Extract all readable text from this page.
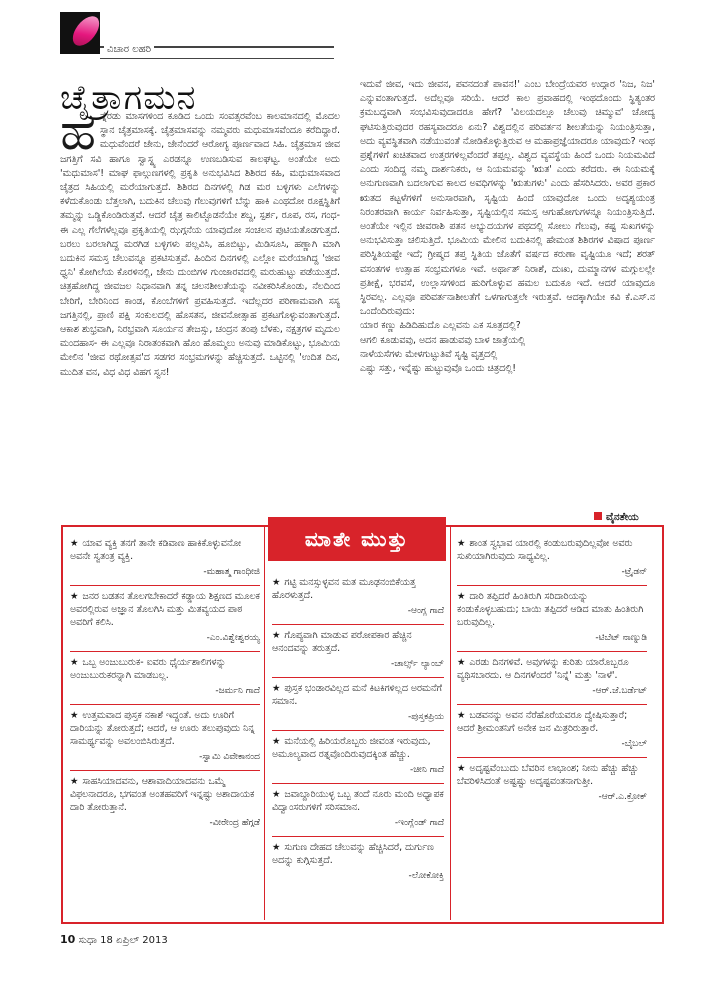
ವಿಚಾರ ಲಹರಿ
ಚೈತ್ರಾಗಮನ
ಹ ನ್ನೆರಡು ಮಾಸಗಳಿಂದ ಕೂಡಿದ ಒಂದು ಸಂವತ್ಸರವೆಂಬ ಕಾಲಮಾನದಲ್ಲಿ ಮೊದಲ ಸ್ಥಾನ ಚೈತ್ರಮಾಸಕ್ಕೆ. ಚೈತ್ರಮಾಸವನ್ನು ನಮ್ಮವರು ಮಧುಮಾಸವೆಂದೂ ಕರೆದಿದ್ದಾರೆ. ಮಧುವೆಂದರೆ ಜೇನು, ಜೇನೆಂದರೆ ಆರೋಗ್ಯ ಪೂರ್ಣವಾದ ಸಿಹಿ. ಚೈತ್ರಮಾಸ ಜೀವ ಜಗತ್ತಿಗೆ ಸವಿ ಹಾಗೂ ಸ್ವಾಸ್ಥ್ಯ ಎರಡನ್ನೂ ಉಣಬಡಿಸುವ ಕಾಲಘಟ್ಟ. ಅಂತೆಯೇ ಅದು 'ಮಧುಮಾಸ'! ಮಾಘ ಫಾಲ್ಗುಣಗಳಲ್ಲಿ ಪ್ರಕೃತಿ ಅನುಭವಿಸಿದ ಶಿಶಿರದ ಕಹಿ, ಮಧುಮಾಸವಾದ ಚೈತ್ರದ ಸಿಹಿಯಲ್ಲಿ ಮರೆಯಾಗುತ್ತದೆ. ಶಿಶಿರದ ದಿನಗಳಲ್ಲಿ ಗಿಡ ಮರ ಬಳ್ಳಿಗಳು ಎಲೆಗಳನ್ನು ಕಳೆದುಕೊಂಡು ಬೆತ್ತಲಾಗಿ, ಬದುಕಿನ ಚೆಲುವು ಗೆಲುವುಗಳಿಗೆ ಬೆನ್ನು ಹಾಕಿ ಎಂಥದೋ ರೂಕ್ಷಸ್ಥಿತಿಗೆ ತಮ್ಮನ್ನು ಒಡ್ಡಿಕೊಂಡಿರುತ್ತವೆ. ಆದರೆ ಚೈತ್ರ ಕಾಲಿಟ್ಟೊಡನೆಯೇ ಶಬ್ದ, ಸ್ಪರ್ಶ, ರೂಪ, ರಸ, ಗಂಧ- ಈ ಎಲ್ಲ ಗೆಲೆಗಳೆಲ್ಲವೂ ಪ್ರಕೃತಿಯಲ್ಲಿ ಝಗ್ಗನೆಯ ಯಾವುದೋ ಸಂಚಲನ ಪುಟಿಯತೊಡಗುತ್ತದೆ. ಬರಲು ಬರಲಾಗಿದ್ದ ಮರಗಿಡ ಬಳ್ಳಿಗಳು ಪಲ್ಲವಿಸಿ, ಹೂಬಿಟ್ಟು, ಮಿಡಿಸೂಸಿ, ಹಣ್ಣಾಗಿ ಮಾಗಿ ಬದುಕಿನ ಸಮಸ್ತ ಚೆಲುವನ್ನೂ ಪ್ರಕಟಿಸುತ್ತವೆ. ಹಿಂದಿನ ದಿನಗಳಲ್ಲಿ ಎಲ್ಲೋ ಮರೆಯಾಗಿದ್ದ 'ಜೀವ ಧ್ವನಿ' ಕೋಗಿಲೆಯ ಕೊರಳಿನಲ್ಲಿ, ಜೇನು ದುಂಬಿಗಳ ಗುಂಜಾರವದಲ್ಲಿ ಮರುಹುಟ್ಟು ಪಡೆಯುತ್ತದೆ. ಚಿತ್ರಹೋಗಿದ್ದ ಜೀವಜಲ ನಿಧಾನವಾಗಿ ತನ್ನ ಚಲನಶೀಲತೆಯನ್ನು ನವೀಕರಿಸಿಕೊಂಡು, ನೆಲದಿಂದ ಬೇರಿಗೆ, ಬೇರಿನಿಂದ ಕಾಂಡ, ಕೊಂಬೆಗಳಿಗೆ ಪ್ರವಹಿಸುತ್ತದೆ. ಇದೆಲ್ಲದರ ಪರಿಣಾಮವಾಗಿ ಸಸ್ಯ ಜಗತ್ತಿನಲ್ಲಿ, ಪ್ರಾಣಿ ಪಕ್ಷಿ ಸಂಕುಲದಲ್ಲಿ ಹೊಸತನ, ಜೀವನೋತ್ಸಾಹ ಪ್ರಕಟಗೊಳ್ಳುವಂತಾಗುತ್ತದೆ. ಆಕಾಶ ಶುಭ್ರವಾಗಿ, ನಿರಭ್ರವಾಗಿ ಸೂರ್ಯನ ತೇಜಸ್ಸು, ಚಂದ್ರನ ತಂಪು ಬೆಳಕು, ನಕ್ಷತ್ರಗಳ ಮೃದುಲ ಮಂದಹಾಸ- ಈ ಎಲ್ಲವೂ ನಿರಾತಂಕವಾಗಿ ಹೊಂ ಹೊಮ್ಮಲು ಅನುವು ಮಾಡಿಕೊಟ್ಟು, ಭೂಮಿಯ ಮೇಲಿನ 'ಜೀವ ರಥೋತ್ಸವ'ದ ಸಡಗರ ಸಂಭ್ರಮಗಳನ್ನು ಹೆಚ್ಚಿಸುತ್ತದೆ. ಒಟ್ಟಿನಲ್ಲಿ 'ಉದಿತ ದಿನ, ಮುದಿತ ವನ, ವಿಧ ವಿಧ ವಿಹಗ ಸ್ವನ!

ಇದುವೆ ಜೀವ, ಇದು ಜೀವನ, ಪವನದಂತೆ ಪಾವನ!' ಎಂಬ ಬೇಂದ್ರೆಯವರ ಉದ್ಗಾರ 'ನಿಜ, ನಿಜ' ಎನ್ನುವಂತಾಗುತ್ತದೆ. ಅದೆಲ್ಲವೂ ಸರಿಯೆ. ಆದರೆ ಕಾಲ ಪ್ರವಾಹದಲ್ಲಿ ಇಂಥದೊಂದು ಸ್ಥಿತ್ಯಂತರ ಕ್ರಮಬದ್ಧವಾಗಿ ಸಂಭವಿಸುವುದಾದರೂ ಹೇಗೆ? 'ವಿಲಯದಲ್ಲೂ ಚೆಲುವು ಚಿಮ್ಮುವ' ಚೋದ್ಯ ಘಟಿಸುತ್ತಿರುವುದರ ರಹಸ್ಯವಾದರೂ ಏನು? ವಿಶ್ವದಲ್ಲಿನ ಪರಿವರ್ತನ ಶೀಲತೆಯನ್ನು ನಿಯಂತ್ರಿಸುತ್ತಾ, ಅದು ವ್ಯವಸ್ಥಿತವಾಗಿ ನಡೆಯುವಂತೆ ನೋಡಿಕೊಳ್ಳುತ್ತಿರುವ ಆ ಮಹಾಪ್ರಜ್ಞೆಯಾದರೂ ಯಾವುದು? ಇಂಥ ಪ್ರಶ್ನೆಗಳಿಗೆ ಖಚಿತವಾದ ಉತ್ತರಗಳಿಲ್ಲವೆಂದರೆ ತಪ್ಪಲ್ಲ. ವಿಶ್ವದ ವ್ಯವಸ್ಥೆಯ ಹಿಂದೆ ಒಂದು ನಿಯಮವಿದೆ ಎಂದು ಸಂದಿದ್ದ ನಮ್ಮ ದಾರ್ಶನಿಕರು, ಆ ನಿಯಮವನ್ನು 'ಋತ' ಎಂದು ಕರೆದರು. ಈ ನಿಯಮಕ್ಕೆ ಅನುಗುಣವಾಗಿ ಬದಲಾಗುವ ಕಾಲದ ಅವಧಿಗಳನ್ನು 'ಋತುಗಳು' ಎಂದು ಹೆಸರಿಸಿದರು. ಅವರ ಪ್ರಕಾರ ಋತದ ಕಟ್ಟಳೆಗಳಿಗೆ ಅನುಸಾರವಾಗಿ, ಸೃಷ್ಟಿಯ ಹಿಂದೆ ಯಾವುದೋ ಒಂದು ಅದೃಶ್ಯಯಂತ್ರ ನಿರಂತರವಾಗಿ ಕಾರ್ಯ ನಿರ್ವಹಿಸುತ್ತಾ, ಸೃಷ್ಟಿಯಲ್ಲಿನ ಸಮಸ್ತ ಆಗುಹೋಗುಗಳನ್ನೂ ನಿಯಂತ್ರಿಸುತ್ತಿದೆ. ಅಂತೆಯೇ ಇಲ್ಲಿನ ಜೀವರಾಶಿ ಪತನ ಅಭ್ಯುದಯಗಳ ಪಥದಲ್ಲಿ ಸೋಲು ಗೆಲುವು, ಕಷ್ಟ ಸುಖಗಳನ್ನು ಅನುಭವಿಸುತ್ತಾ ಚಲಿಸುತ್ತಿದೆ. ಭೂಮಿಯ ಮೇಲಿನ ಬದುಕಿನಲ್ಲಿ ಹೇಮಂತ ಶಿಶಿರಗಳ ವಿಷಾದ ಪೂರ್ಣ ಪರಿಸ್ಥಿತಿಯಷ್ಟೇ ಇದೆ; ಗ್ರೀಷ್ಮದ ತಪ್ತ ಸ್ಥಿತಿಯ ಜೊತೆಗೆ ವರ್ಷದ ಕರುಣಾ ವೃಷ್ಟಿಯೂ ಇದೆ; ಶರತ್ ವಸಂತಗಳ ಉತ್ಸಾಹ ಸಂಭ್ರಮಗಳೂ ಇವೆ. ಅರ್ಥಾತ್ ನಿರಾಶೆ, ದುಃಖ, ದುಮ್ಮಾನಗಳ ಮಗ್ಗುಲಲ್ಲೇ ಪ್ರತೀಕ್ಷೆ, ಭರವಸೆ, ಉಲ್ಲಾಸಗಳಿಂದ ಹುರಿಗೊಳ್ಳುವ ಹಮಲ ಬದುಕೂ ಇದೆ. ಆದರೆ ಯಾವುದೂ ಸ್ಥಿರವಲ್ಲ. ಎಲ್ಲವೂ ಪರಿವರ್ತನಾಶೀಲತೆಗೆ ಒಳಗಾಗುತ್ತಲೇ ಇರುತ್ತವೆ. ಆದಕ್ಕಾಗಿಯೇ ಕವಿ ಕೆ.ಎಸ್.ನ ಒಂದೆಂದಿರುವುದು:

ಯಾರ ಕಣ್ಣು ಹಿಡಿದಿಹುದೊ ಎಲ್ಲವನು ಎಕ ಸೂತ್ರದಲ್ಲಿ?

ಆಗಲಿ ಕೂಡುವವು, ಅದನ ಹಾಡುವವು ಬಾಳ ಜಾತ್ರೆಯಲ್ಲಿ

ನಾಳೆಯಸೆಗಳು ಮೇಳಗುಟ್ಟುತಿವೆ ಸೃಷ್ಟಿ ವೃತ್ತದಲ್ಲಿ

ಎಷ್ಟು ಸತ್ತು, ಇನ್ನೆಷ್ಟು ಹುಟ್ಟುವುವೊ ಒಂದು ಚಿತ್ರದಲ್ಲಿ!

ವೈನತೇಯ
ಮಾತೇ ಮುತ್ತು
★ ಯಾವ ವ್ಯಕ್ತಿ ತನಗೆ ತಾನೇ ಕಡಿವಾಣ ಹಾಕಿಕೊಳ್ಳುವನೋ ಅವನೇ ಸ್ವತಂತ್ರ ವ್ಯಕ್ತಿ.
-ಮಹಾತ್ಮ ಗಾಂಧೀಜಿ
★ ಜನರ ಬಡತನ ತೊಲಗಬೇಕಾದರೆ ಕಡ್ಡಾಯ ಶಿಕ್ಷಣದ ಮೂಲಕ ಅವರಲ್ಲಿರುವ ಅಜ್ಞಾನ ತೊಲಗಿಸಿ ಮತ್ತು ಮಿತವ್ಯಯದ ಪಾಠ ಅವರಿಗೆ ಕಲಿಸಿ.
-ಎಂ.ವಿಶ್ವೇಶ್ವರಯ್ಯ
★ ಒಬ್ಬ ಅಂಜುಬುರುಕ- ಐವರು ಧೈರ್ಯಶಾಲಿಗಳನ್ನು ಅಂಜುಬುರುಕರನ್ನಾಗಿ ಮಾಡಬಲ್ಲ.
-ಜರ್ಮನಿ ಗಾದೆ
★ ಉತ್ತಮವಾದ ಪುಸ್ತಕ ನಕಾಶೆ ಇದ್ದಂತೆ. ಅದು ಊರಿಗೆ ದಾರಿಯನ್ನು ತೋರುತ್ತದೆ; ಆದರೆ, ಆ ಊರು ತಲುಪುವುದು ನಿನ್ನ ಸಾಮರ್ಥ್ಯವನ್ನು ಅವಲಂಬಿಸಿರುತ್ತದೆ.
-ಸ್ವಾಮಿ ವಿವೇಕಾನಂದ
★ ಸಾಹಸಿಯಾದವನು, ಆಶಾವಾದಿಯಾದವನು ಒಮ್ಮೆ ವಿಫಲನಾದರೂ, ಭಗವಂತ ಅಂತಹವರಿಗೆ ಇನ್ನಷ್ಟು ಅಶಾದಾಯಕ ದಾರಿ ತೋರುತ್ತಾನೆ.
-ವೀರೇಂದ್ರ ಹೆಗ್ಗಡೆ
★ ಗಟ್ಟಿ ಮನಸ್ಸುಳ್ಳವನ ಮತ ಮೂಢನಂಬಿಕೆಯತ್ತ ಹೊರಳುತ್ತದೆ.
-ಆಂಗ್ಲ ಗಾದೆ
★ ಗೊಪ್ಯವಾಗಿ ಮಾಡುವ ಪರೋಪಕಾರ ಹೆಚ್ಚಿನ ಆನಂದವನ್ನು ತರುತ್ತದೆ.
-ಚಾರ್ಲ್ಸ್ ಲ್ಯಾಂಬ್
★ ಪುಸ್ತಕ ಭಂಡಾರವಿಲ್ಲದ ಮನೆ ಕಿಟಕಿಗಳಿಲ್ಲದ ಅರಮನೆಗೆ ಸಮಾನ.
-ಪುಸ್ತಕಪ್ರಿಯ
★ ಮನೆಯಲ್ಲಿ ಹಿರಿಯರೊಬ್ಬರು ಜೀವಂತ ಇರುವುದು, ಅಮೂಲ್ಯವಾದ ರತ್ನವೊಂದಿರುವುದಕ್ಕಿಂತ ಹೆಚ್ಚು.
-ಚೀನಿ ಗಾದೆ
★ ಜವಾಬ್ದಾರಿಯುಳ್ಳ ಒಬ್ಬ ತಂದೆ ನೂರು ಮಂದಿ ಅಧ್ಯಾಪಕ ವಿದ್ವಾಂಸರುಗಳಿಗೆ ಸರಿಸಮಾನ.
-ಇಂಗ್ಲೆಂಡ್ ಗಾದೆ
★ ಸುಗುಣ ದೇಹದ ಚೆಲುವನ್ನು ಹೆಚ್ಚಿಸಿದರೆ, ದುರ್ಗುಣ ಅದನ್ನು ಕುಗ್ಗಿಸುತ್ತದೆ.
-ಲೋಕೋಕ್ತಿ
★ ಶಾಂತ ಸ್ವಭಾವ ಯಾರಲ್ಲಿ ಕಂಡುಬರುವುದಿಲ್ಲವೋ ಅವರು ಸುಖಿಯಾಗಿರುವುದು ಸಾಧ್ಯವಿಲ್ಲ.
-ಟ್ರೈಡನ್
★ ದಾರಿ ತಪ್ಪಿದರೆ ಹಿಂತಿರುಗಿ ಸರಿದಾರಿಯನ್ನು ಕಂಡುಕೊಳ್ಳಬಹುದು; ಬಾಯಿ ತಪ್ಪಿದರೆ ಆಡಿದ ಮಾತು ಹಿಂತಿರುಗಿ ಬರುವುದಿಲ್ಲ.
-ಟಿಬೆಟ್ ನಾಣ್ನುಡಿ
★ ಎರಡು ದಿನಗಳಿವೆ. ಅವುಗಳನ್ನು ಕುರಿತು ಯಾರೊಬ್ಬರೂ ವ್ಯಥಿಸಬಾರದು. ಆ ದಿನಗಳೆಂದರೆ 'ನಿನ್ನೆ' ಮತ್ತು 'ನಾಳೆ'.
-ಆರ್.ಜೆ.ಬರ್ಡೆಟ್
★ ಬಡವನನ್ನು ಅವನ ನೆರೆಹೊರೆಯವರೂ ದ್ವೇಷಿಸುತ್ತಾರೆ; ಆದರೆ ಶ್ರೀಮಂತನಿಗೆ ಅನೇಕ ಜನ ಮಿತ್ರರಿರುತ್ತಾರೆ.
-ಬೈಬಲ್
★ ಅದೃಷ್ಟವೆಂಬುದು ಬೆವರಿನ ಲಾಭಾಂಶ; ನೀನು ಹೆಚ್ಚು ಹೆಚ್ಚು ಬೆವರಿಳಿಸಿದಂತೆ ಅಷ್ಟಷ್ಟು ಅದೃಷ್ಟವಂತನಾಗುತ್ತೀ.
-ಆರ್.ಎ.ಕ್ರೋಕ್
10 ಸುಧಾ 18 ಏಪ್ರಿಲ್ 2013
